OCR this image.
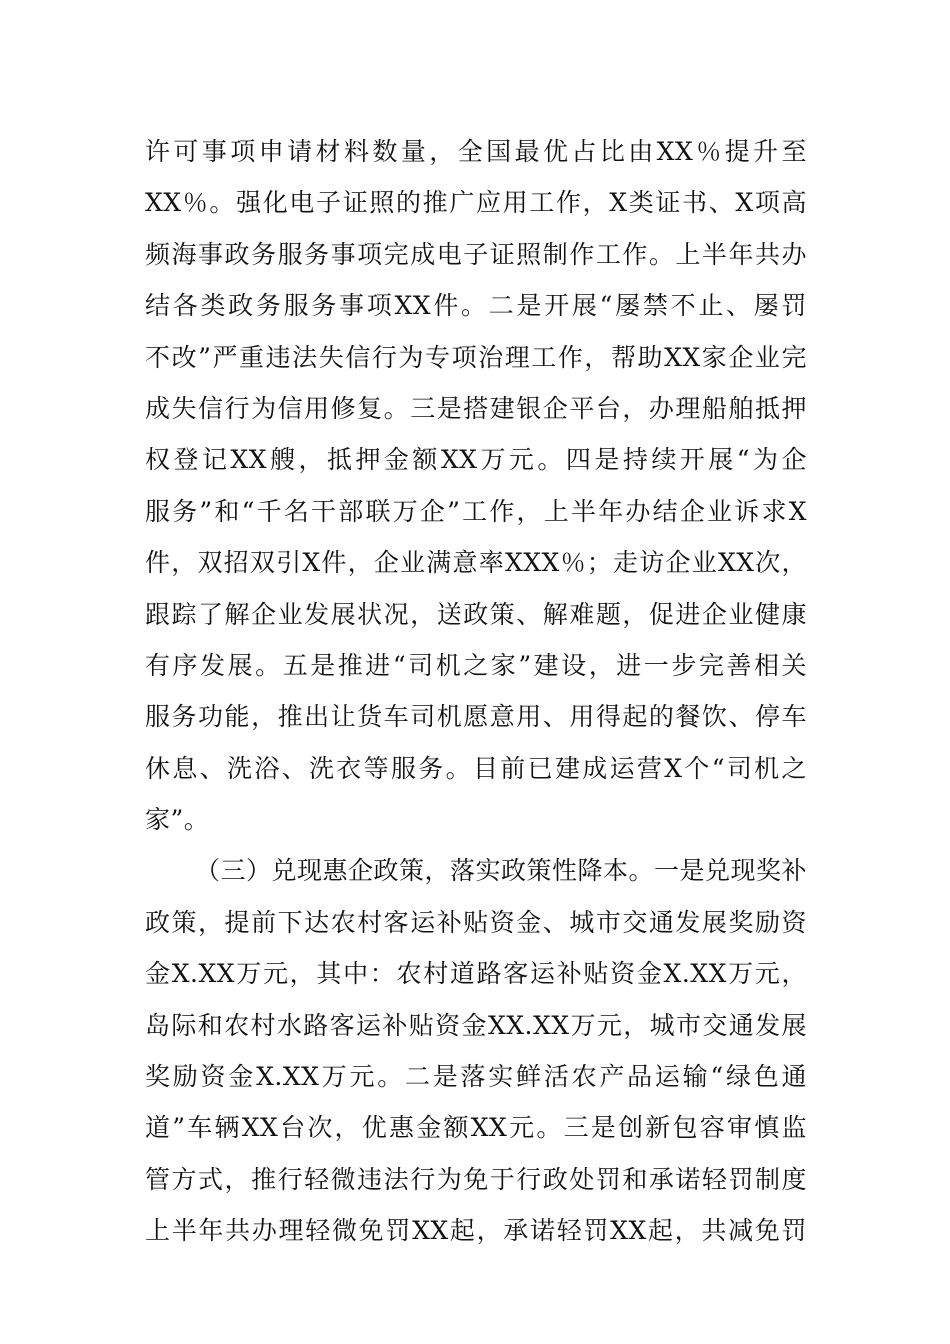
许可事项申请材料数量，全国最优占比由XX％提升至
XX％。强化电子证照的推广应用工作，X类证书、X项高
频海事政务服务事项完成电子证照制作工作。上半年共办
结各类政务服务事项XX件。二是开展“屡禁不止、屡罚
不改”严重违法失信行为专项治理工作，帮助XX家企业完
成失信行为信用修复。三是搭建银企平台，办理船舶抵押
权登记XX艘，抵押金额XX万元。四是持续开展“为企
服务”和“千名干部联万企”工作，上半年办结企业诉求X
件，双招双引X件，企业满意率XXX％；走访企业XX次，
跟踪了解企业发展状况，送政策、解难题，促进企业健康
有序发展。五是推进“司机之家”建设，进一步完善相关
服务功能，推出让货车司机愿意用、用得起的餐饮、停车
休息、洗浴、洗衣等服务。目前已建成运营X个“司机之
家”。
（三）兑现惠企政策，落实政策性降本。一是兑现奖补
政策，提前下达农村客运补贴资金、城市交通发展奖励资
金X.XX万元，其中：农村道路客运补贴资金X.XX万元，
岛际和农村水路客运补贴资金XX.XX万元，城市交通发展
奖励资金X.XX万元。二是落实鲜活农产品运输“绿色通
道”车辆XX台次，优惠金额XX元。三是创新包容审慎监
管方式，推行轻微违法行为免于行政处罚和承诺轻罚制度
上半年共办理轻微免罚XX起，承诺轻罚XX起，共减免罚
